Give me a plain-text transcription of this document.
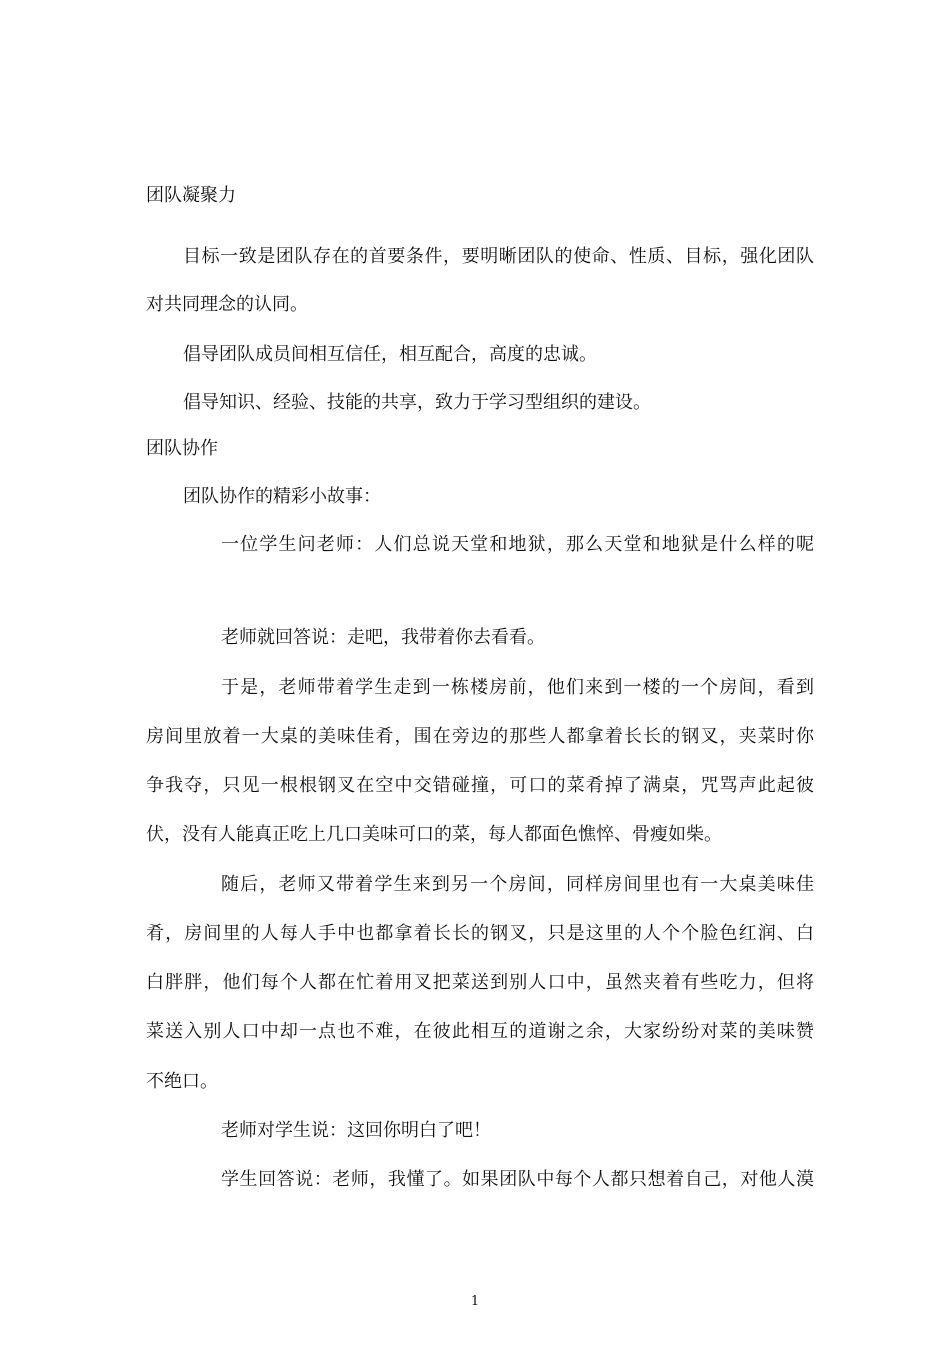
团队凝聚力
目标一致是团队存在的首要条件，要明晰团队的使命、性质、目标，强化团队
对共同理念的认同。
倡导团队成员间相互信任，相互配合，高度的忠诚。
倡导知识、经验、技能的共享，致力于学习型组织的建设。
团队协作
团队协作的精彩小故事：
一位学生问老师：人们总说天堂和地狱，那么天堂和地狱是什么样的呢
老师就回答说：走吧，我带着你去看看。
于是，老师带着学生走到一栋楼房前，他们来到一楼的一个房间，看到
房间里放着一大桌的美味佳肴，围在旁边的那些人都拿着长长的钢叉，夹菜时你
争我夺，只见一根根钢叉在空中交错碰撞，可口的菜肴掉了满桌，咒骂声此起彼
伏，没有人能真正吃上几口美味可口的菜，每人都面色憔悴、骨瘦如柴。
随后，老师又带着学生来到另一个房间，同样房间里也有一大桌美味佳
肴，房间里的人每人手中也都拿着长长的钢叉，只是这里的人个个脸色红润、白
白胖胖，他们每个人都在忙着用叉把菜送到别人口中，虽然夹着有些吃力，但将
菜送入别人口中却一点也不难，在彼此相互的道谢之余，大家纷纷对菜的美味赞
不绝口。
老师对学生说：这回你明白了吧！
学生回答说：老师，我懂了。如果团队中每个人都只想着自己，对他人漠
1
